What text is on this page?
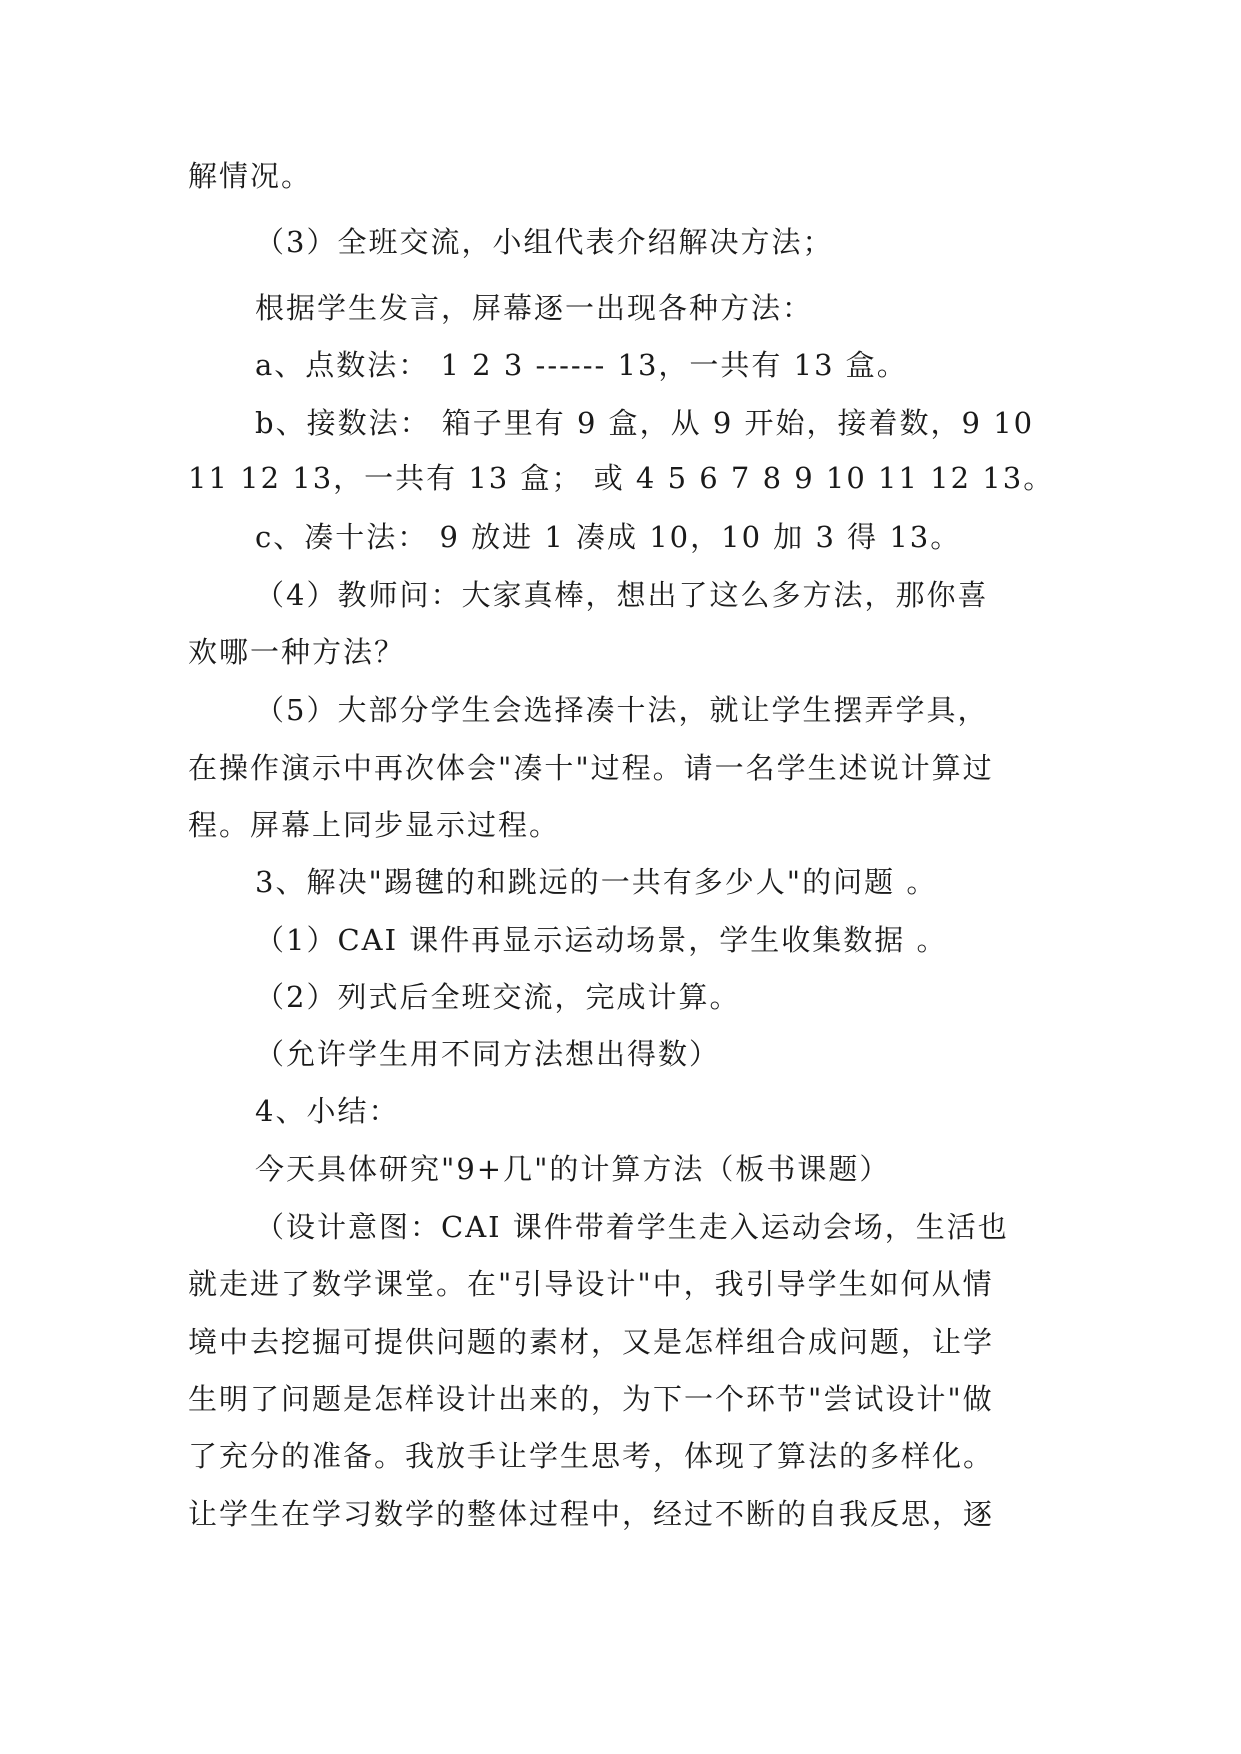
解情况。
（3）全班交流，小组代表介绍解决方法；
根据学生发言，屏幕逐一出现各种方法：
a、点数法： 1 2 3 ------ 13，一共有 13 盒。
b、接数法： 箱子里有 9 盒，从 9 开始，接着数，9 10
11 12 13，一共有 13 盒； 或 4 5 6 7 8 9 10 11 12 13。
c、凑十法： 9 放进 1 凑成 10，10 加 3 得 13。
（4）教师问：大家真棒，想出了这么多方法，那你喜
欢哪一种方法？
（5）大部分学生会选择凑十法，就让学生摆弄学具，
在操作演示中再次体会"凑十"过程。请一名学生述说计算过
程。屏幕上同步显示过程。
3、解决"踢毽的和跳远的一共有多少人"的问题 。
（1）CAI 课件再显示运动场景，学生收集数据 。
（2）列式后全班交流，完成计算。
（允许学生用不同方法想出得数）
4、小结：
今天具体研究"9+几"的计算方法（板书课题）
（设计意图：CAI 课件带着学生走入运动会场，生活也
就走进了数学课堂。在"引导设计"中，我引导学生如何从情
境中去挖掘可提供问题的素材，又是怎样组合成问题，让学
生明了问题是怎样设计出来的，为下一个环节"尝试设计"做
了充分的准备。我放手让学生思考，体现了算法的多样化。
让学生在学习数学的整体过程中，经过不断的自我反思，逐
